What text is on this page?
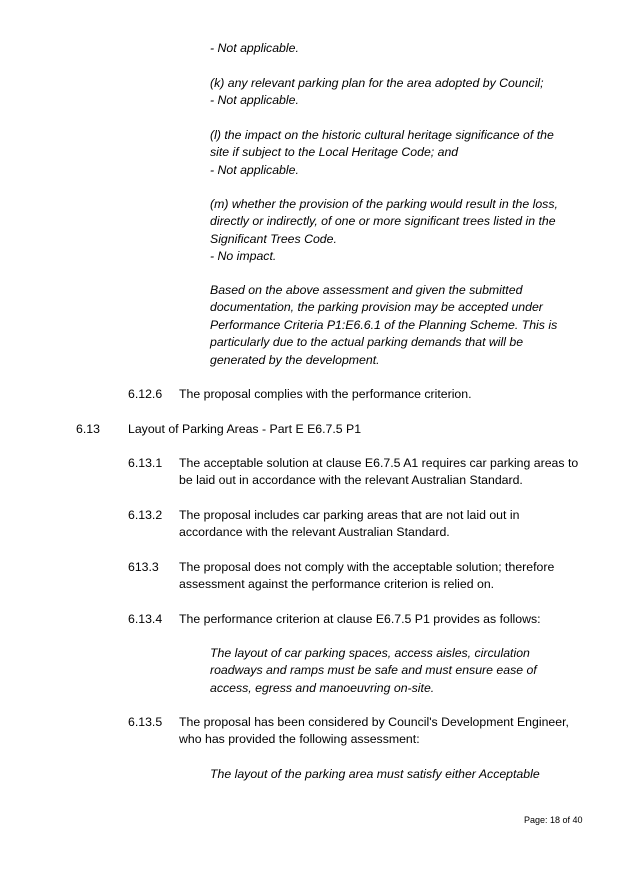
- Not applicable.
(k) any relevant parking plan for the area adopted by Council;
- Not applicable.
(l) the impact on the historic cultural heritage significance of the
site if subject to the Local Heritage Code; and
- Not applicable.
(m) whether the provision of the parking would result in the loss,
directly or indirectly, of one or more significant trees listed in the
Significant Trees Code.
- No impact.
Based on the above assessment and given the submitted
documentation, the parking provision may be accepted under
Performance Criteria P1:E6.6.1 of the Planning Scheme. This is
particularly due to the actual parking demands that will be
generated by the development.
6.12.6 The proposal complies with the performance criterion.
6.13 Layout of Parking Areas - Part E E6.7.5 P1
6.13.1 The acceptable solution at clause E6.7.5 A1 requires car parking areas to
be laid out in accordance with the relevant Australian Standard.
6.13.2 The proposal includes car parking areas that are not laid out in
accordance with the relevant Australian Standard.
613.3 The proposal does not comply with the acceptable solution; therefore
assessment against the performance criterion is relied on.
6.13.4 The performance criterion at clause E6.7.5 P1 provides as follows:
The layout of car parking spaces, access aisles, circulation
roadways and ramps must be safe and must ensure ease of
access, egress and manoeuvring on-site.
6.13.5 The proposal has been considered by Council's Development Engineer,
who has provided the following assessment:
The layout of the parking area must satisfy either Acceptable
Page: 18 of 40
